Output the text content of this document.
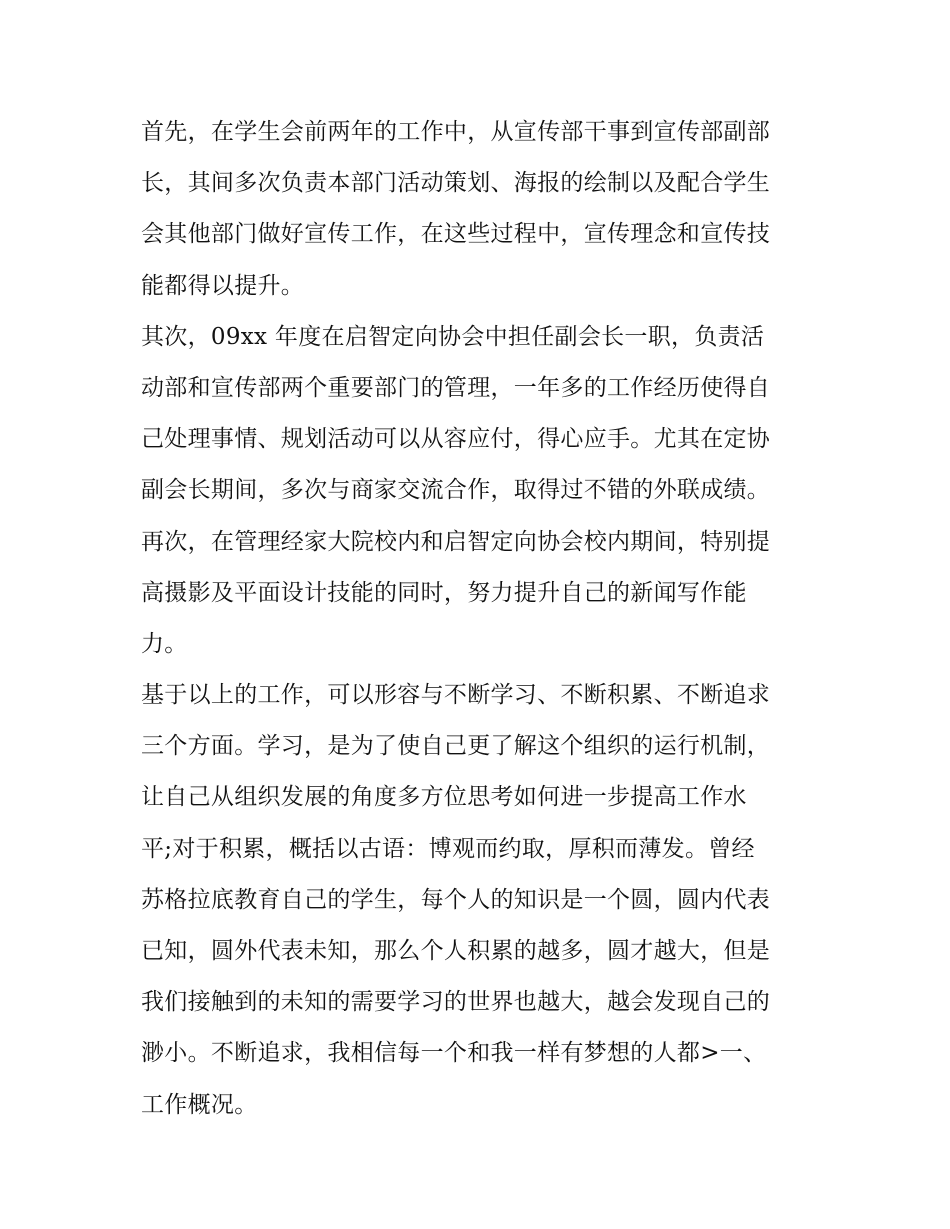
首先，在学生会前两年的工作中，从宣传部干事到宣传部副部
长，其间多次负责本部门活动策划、海报的绘制以及配合学生
会其他部门做好宣传工作，在这些过程中，宣传理念和宣传技
能都得以提升。
其次，09xx 年度在启智定向协会中担任副会长一职，负责活
动部和宣传部两个重要部门的管理，一年多的工作经历使得自
己处理事情、规划活动可以从容应付，得心应手。尤其在定协
副会长期间，多次与商家交流合作，取得过不错的外联成绩。
再次，在管理经家大院校内和启智定向协会校内期间，特别提
高摄影及平面设计技能的同时，努力提升自己的新闻写作能
力。
基于以上的工作，可以形容与不断学习、不断积累、不断追求
三个方面。学习，是为了使自己更了解这个组织的运行机制，
让自己从组织发展的角度多方位思考如何进一步提高工作水
平;对于积累，概括以古语：博观而约取，厚积而薄发。曾经
苏格拉底教育自己的学生，每个人的知识是一个圆，圆内代表
已知，圆外代表未知，那么个人积累的越多，圆才越大，但是
我们接触到的未知的需要学习的世界也越大，越会发现自己的
渺小。不断追求，我相信每一个和我一样有梦想的人都>一、
工作概况。
